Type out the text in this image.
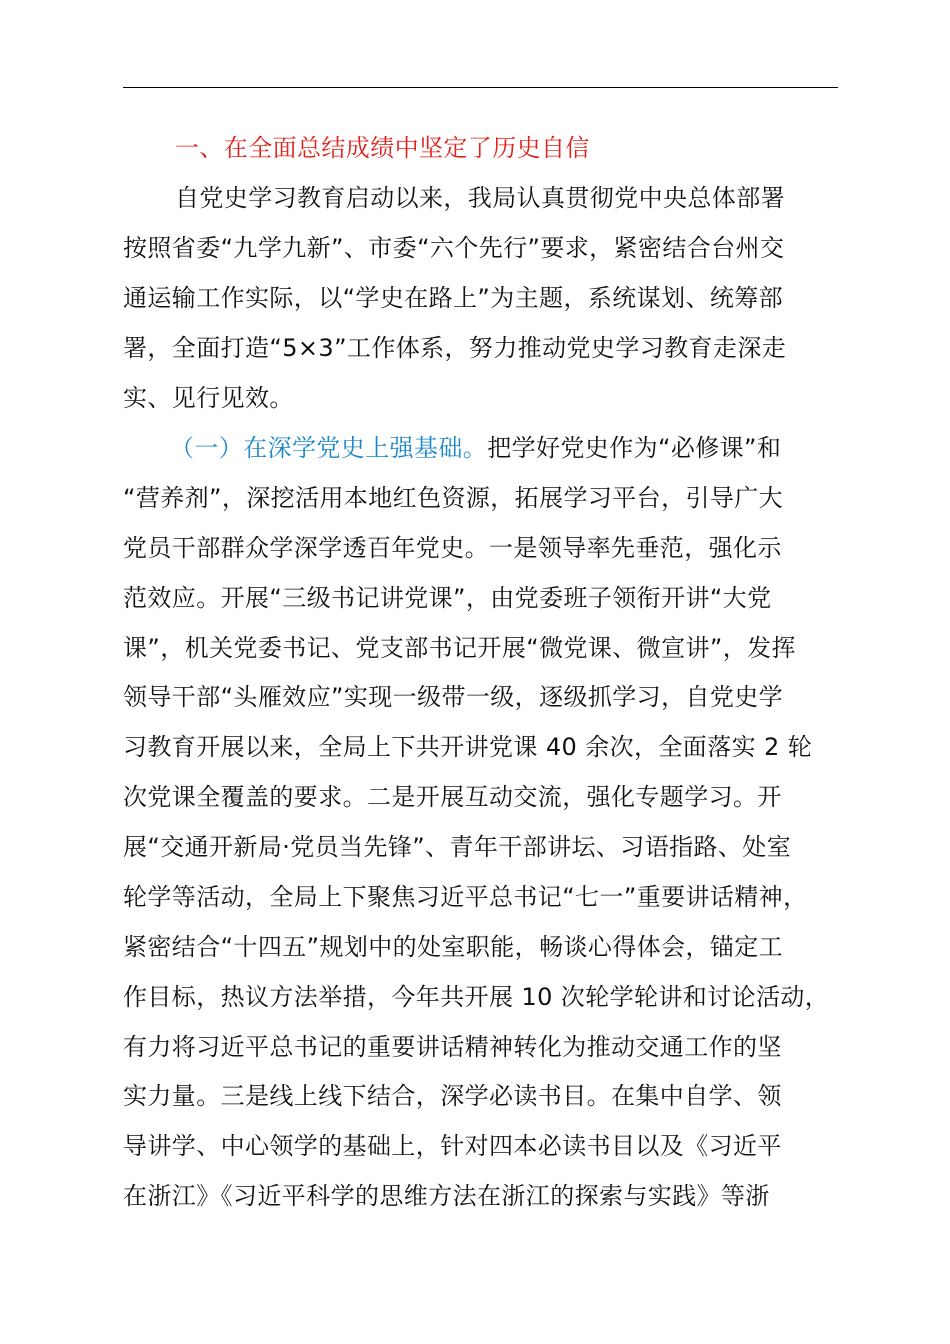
一、在全面总结成绩中坚定了历史自信
自党史学习教育启动以来，我局认真贯彻党中央总体部署
按照省委“九学九新”、市委“六个先行”要求，紧密结合台州交
通运输工作实际，以“学史在路上”为主题，系统谋划、统筹部
署，全面打造“5×3”工作体系，努力推动党史学习教育走深走
实、见行见效。
（一）在深学党史上强基础。把学好党史作为“必修课”和
“营养剂”，深挖活用本地红色资源，拓展学习平台，引导广大
党员干部群众学深学透百年党史。一是领导率先垂范，强化示
范效应。开展“三级书记讲党课”，由党委班子领衔开讲“大党
课”，机关党委书记、党支部书记开展“微党课、微宣讲”，发挥
领导干部“头雁效应”实现一级带一级，逐级抓学习，自党史学
习教育开展以来，全局上下共开讲党课 40 余次，全面落实 2 轮
次党课全覆盖的要求。二是开展互动交流，强化专题学习。开
展“交通开新局·党员当先锋”、青年干部讲坛、习语指路、处室
轮学等活动，全局上下聚焦习近平总书记“七一”重要讲话精神，
紧密结合“十四五”规划中的处室职能，畅谈心得体会，锚定工
作目标，热议方法举措，今年共开展 10 次轮学轮讲和讨论活动，
有力将习近平总书记的重要讲话精神转化为推动交通工作的坚
实力量。三是线上线下结合，深学必读书目。在集中自学、领
导讲学、中心领学的基础上，针对四本必读书目以及《习近平
在浙江》《习近平科学的思维方法在浙江的探索与实践》等浙
